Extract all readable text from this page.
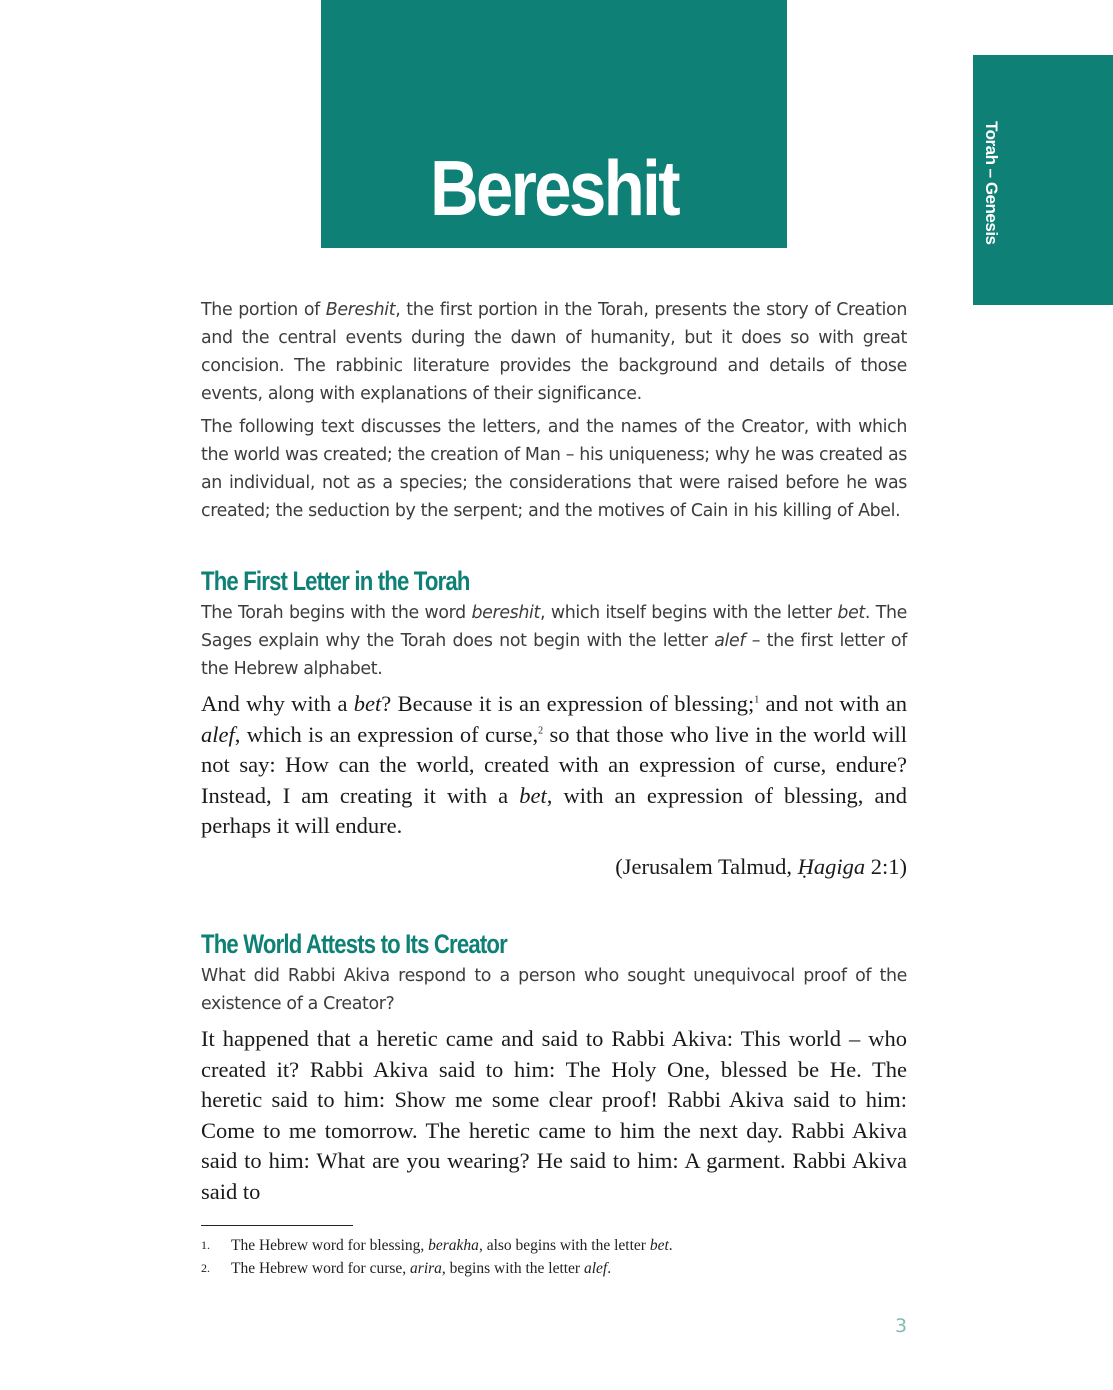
Bereshit	Torah – Genesis

The portion of Bereshit, the first portion in the Torah, presents the story of Creation and the central events during the dawn of humanity, but it does so with great concision. The rabbinic literature provides the background and details of those events, along with explanations of their significance.

The following text discusses the letters, and the names of the Creator, with which the world was created; the creation of Man – his uniqueness; why he was created as an individual, not as a species; the considerations that were raised before he was created; the seduction by the serpent; and the motives of Cain in his killing of Abel.

The First Letter in the Torah

The Torah begins with the word bereshit, which itself begins with the letter bet. The Sages explain why the Torah does not begin with the letter alef – the first letter of the Hebrew alphabet.

And why with a bet? Because it is an expression of blessing;$^1$ and not with an alef, which is an expression of curse,$^2$ so that those who live in the world will not say: How can the world, created with an expression of curse, endure? Instead, I am creating it with a bet, with an expression of blessing, and perhaps it will endure.

(Jerusalem Talmud, Ḥagiga 2:1)
The World Attests to Its Creator

What did Rabbi Akiva respond to a person who sought unequivocal proof of the existence of a Creator?

It happened that a heretic came and said to Rabbi Akiva: This world – who created it? Rabbi Akiva said to him: The Holy One, blessed be He. The heretic said to him: Show me some clear proof! Rabbi Akiva said to him: Come to me tomorrow. The heretic came to him the next day. Rabbi Akiva said to him: What are you wearing? He said to him: A garment. Rabbi Akiva said to

1.	The Hebrew word for blessing, berakha, also begins with the letter bet.
2.	The Hebrew word for curse, arira, begins with the letter alef.
3
